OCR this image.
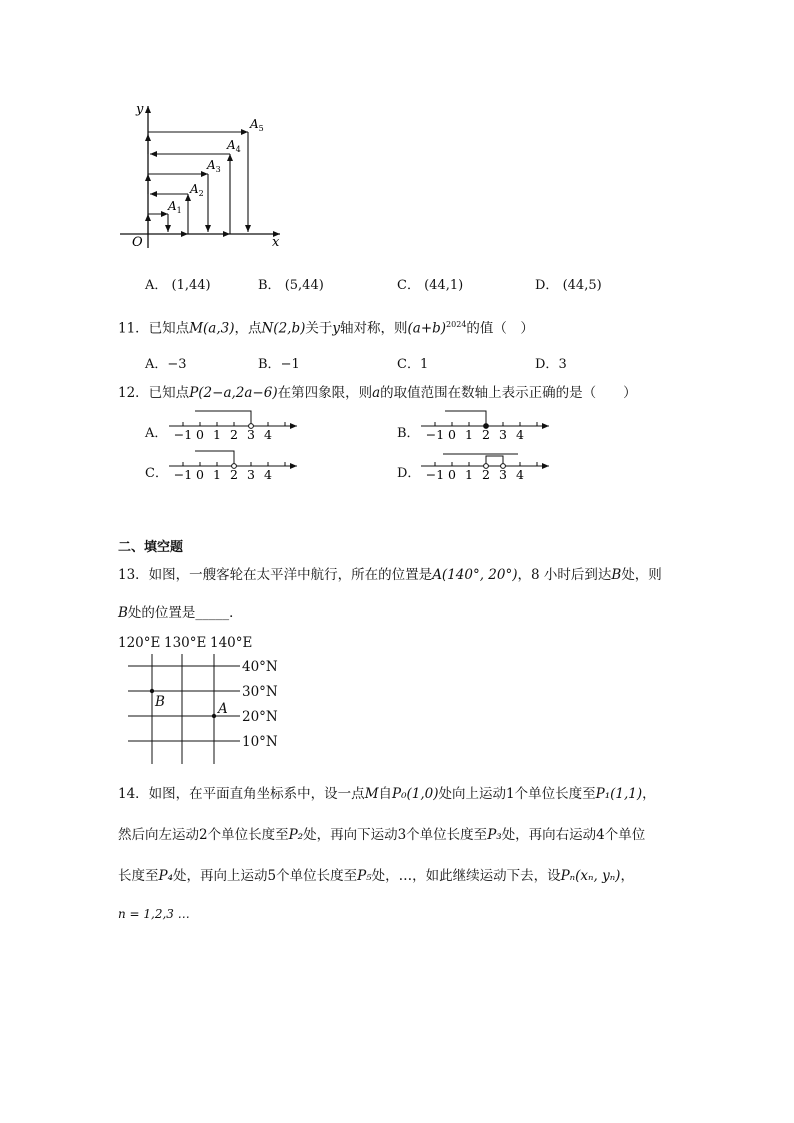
y
x
O
$A_1$
$A_2$
$A_3$
$A_4$
$A_5$
A． (1,44)	B． (5,44)	C． (44,1)	D． (44,5)
11．已知点M(a,3)，点N(2,b)关于y轴对称，则$(a+b)^{2024}$的值（　）
A．−3	B．−1	C．1	D．3
12．已知点P(2−a,2a−6)在第四象限，则a的取值范围在数轴上表示正确的是（　　）
A． −1 0 1 2 3 4	B． −1 0 1 2 3 4
C． −1 0 1 2 3 4	D． −1 0 1 2 3 4
二、填空题
13．如图，一艘客轮在太平洋中航行，所在的位置是A(140°, 20°)，8 小时后到达B处，则
B处的位置是_____．
120°E 130°E 140°E
B	A
40°N
30°N
20°N
10°N
14．如图，在平面直角坐标系中，设一点M自P₀(1,0)处向上运动1个单位长度至P₁(1,1)，
然后向左运动2个单位长度至P₂处，再向下运动3个单位长度至P₃处，再向右运动4个单位
长度至P₄处，再向上运动5个单位长度至P₅处，…，如此继续运动下去，设Pₙ(xₙ, yₙ)，
n = 1,2,3 …
